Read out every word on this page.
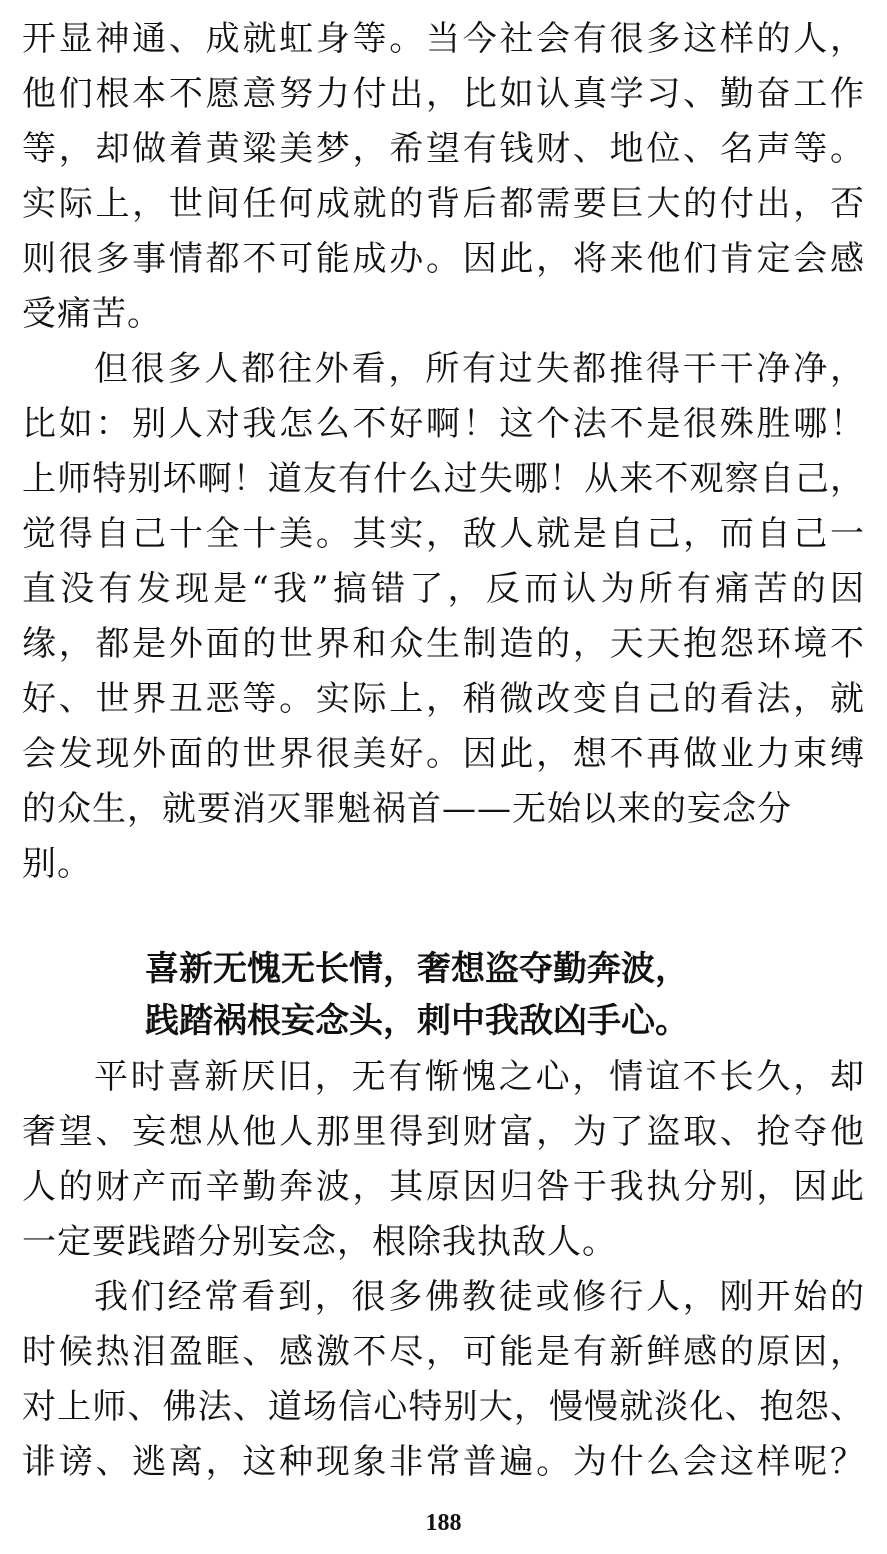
开显神通、成就虹身等。当今社会有很多这样的人，
他们根本不愿意努力付出，比如认真学习、勤奋工作
等，却做着黄粱美梦，希望有钱财、地位、名声等。
实际上，世间任何成就的背后都需要巨大的付出，否
则很多事情都不可能成办。因此，将来他们肯定会感
受痛苦。
但很多人都往外看，所有过失都推得干干净净，
比如：别人对我怎么不好啊！这个法不是很殊胜哪！
上师特别坏啊！道友有什么过失哪！从来不观察自己，
觉得自己十全十美。其实，敌人就是自己，而自己一
直没有发现是“我”搞错了，反而认为所有痛苦的因
缘，都是外面的世界和众生制造的，天天抱怨环境不
好、世界丑恶等。实际上，稍微改变自己的看法，就
会发现外面的世界很美好。因此，想不再做业力束缚
的众生，就要消灭罪魁祸首——无始以来的妄念分
别。
喜新无愧无长情，奢想盗夺勤奔波，
践踏祸根妄念头，刺中我敌凶手心。
平时喜新厌旧，无有惭愧之心，情谊不长久，却
奢望、妄想从他人那里得到财富，为了盗取、抢夺他
人的财产而辛勤奔波，其原因归咎于我执分别，因此
一定要践踏分别妄念，根除我执敌人。
我们经常看到，很多佛教徒或修行人，刚开始的
时候热泪盈眶、感激不尽，可能是有新鲜感的原因，
对上师、佛法、道场信心特别大，慢慢就淡化、抱怨、
诽谤、逃离，这种现象非常普遍。为什么会这样呢？
188
